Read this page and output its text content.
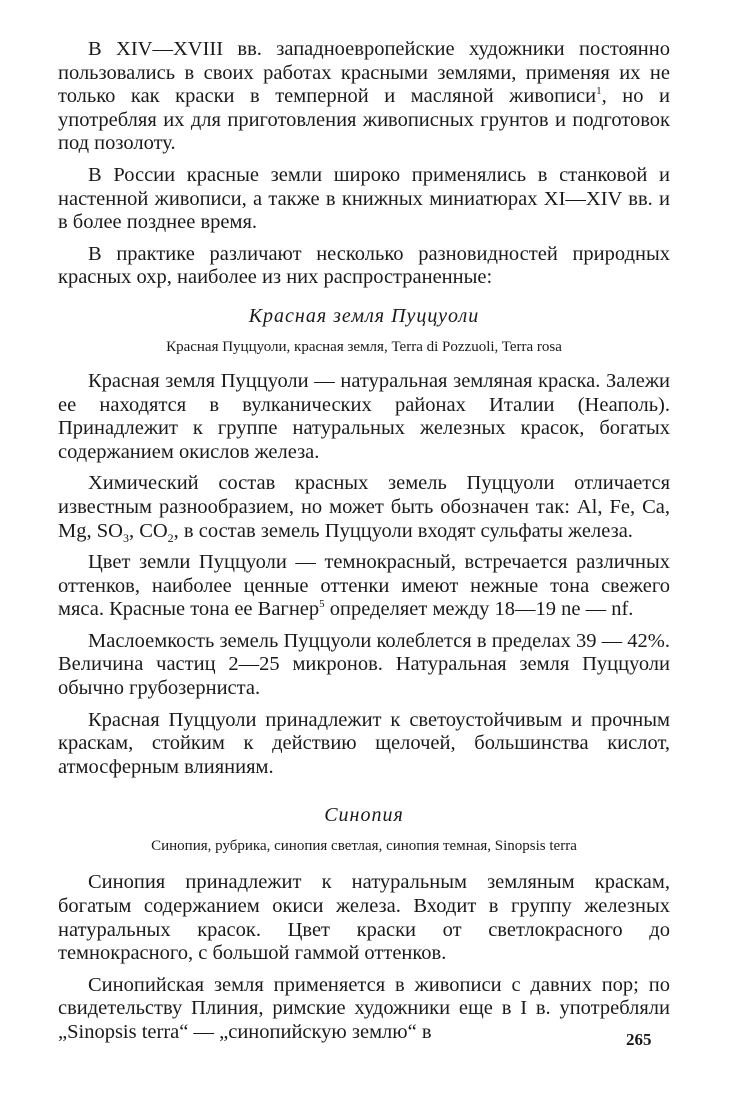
В XIV—XVIII вв. западноевропейские художники постоянно пользовались в своих работах красными землями, применяя их не только как краски в темперной и масляной живописи$^1$, но и употребляя их для приготовления живописных грунтов и подготовок под позолоту.

В России красные земли широко применялись в станковой и настенной живописи, а также в книжных миниатюрах XI—XIV вв. и в более позднее время.

В практике различают несколько разновидностей природных красных охр, наиболее из них распространенные:

Красная земля Пуццуоли
Красная Пуццуоли, красная земля, Terra di Pozzuoli, Terra rosa

Красная земля Пуццуоли — натуральная земляная краска. Залежи ее находятся в вулканических районах Италии (Неаполь). Принадлежит к группе натуральных железных красок, богатых содержанием окислов железа.

Химический состав красных земель Пуццуоли отличается известным разнообразием, но может быть обозначен так: Al, Fe, Ca, Mg, $SO_3$, $CO_2$, в состав земель Пуццуоли входят сульфаты железа.

Цвет земли Пуццуоли — темнокрасный, встречается различных оттенков, наиболее ценные оттенки имеют нежные тона свежего мяса. Красные тона ее Вагнер$^5$ определяет между 18—19 ne — nf.

Маслоемкость земель Пуццуоли колеблется в пределах 39 — 42%. Величина частиц 2—25 микронов. Натуральная земля Пуццуоли обычно грубозерниста.

Красная Пуццуоли принадлежит к светоустойчивым и прочным краскам, стойким к действию щелочей, большинства кислот, атмосферным влияниям.

Синопия
Синопия, рубрика, синопия светлая, синопия темная, Sinopsis terra

Синопия принадлежит к натуральным земляным краскам, богатым содержанием окиси железа. Входит в группу железных натуральных красок. Цвет краски от светлокрасного до темнокрасного, с большой гаммой оттенков.

Синопийская земля применяется в живописи с давних пор; по свидетельству Плиния, римские художники еще в I в. употребляли „Sinopsis terra“ — „синопийскую землю“ в	265
